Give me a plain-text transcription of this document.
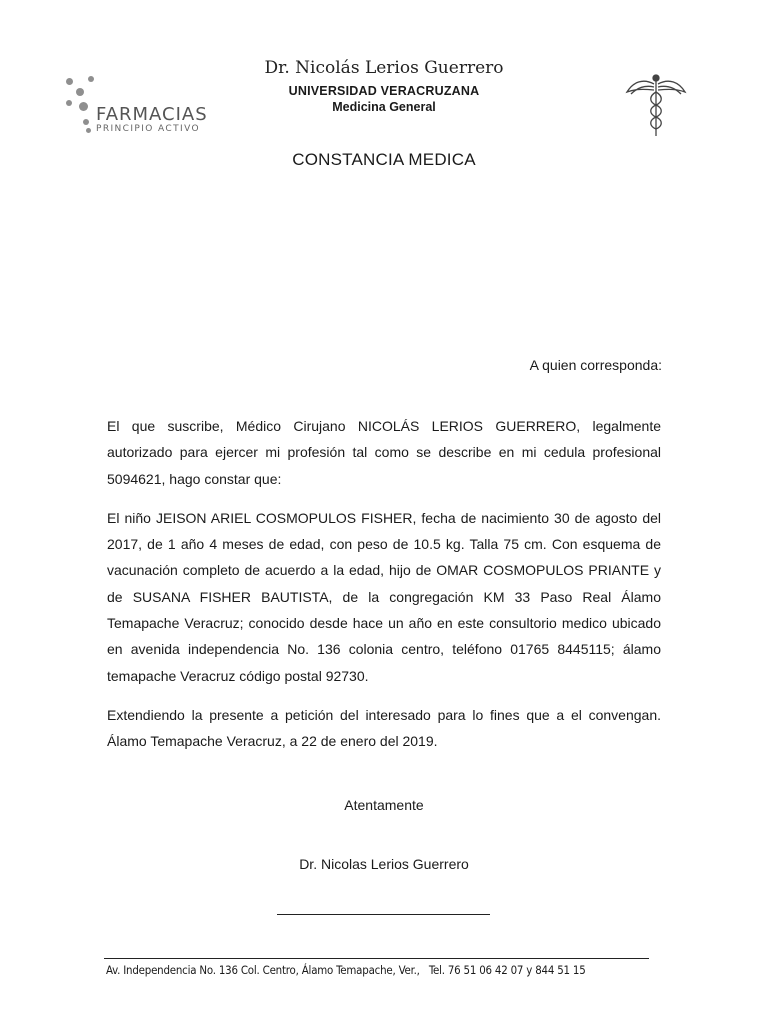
FARMACIAS
PRINCIPIO ACTIVO
Dr. Nicolás Lerios Guerrero
UNIVERSIDAD VERACRUZANA
Medicina General
CONSTANCIA MEDICA
A quien corresponda:

El que suscribe, Médico Cirujano NICOLÁS LERIOS GUERRERO, legalmente autorizado para ejercer mi profesión tal como se describe en mi cedula profesional 5094621, hago constar que:

El niño JEISON ARIEL COSMOPULOS FISHER, fecha de nacimiento 30 de agosto del 2017, de 1 año 4 meses de edad, con peso de 10.5 kg. Talla 75 cm. Con esquema de vacunación completo de acuerdo a la edad, hijo de OMAR COSMOPULOS PRIANTE y de SUSANA FISHER BAUTISTA, de la congregación KM 33 Paso Real Álamo Temapache Veracruz; conocido desde hace un año en este consultorio medico ubicado en avenida independencia No. 136 colonia centro, teléfono 01765 8445115; álamo temapache Veracruz código postal 92730.

Extendiendo la presente a petición del interesado para lo fines que a el convengan. Álamo Temapache Veracruz, a 22 de enero del 2019.

Atentamente
Dr. Nicolas Lerios Guerrero
Av. Independencia No. 136 Col. Centro, Álamo Temapache, Ver.,   Tel. 76 51 06 42 07 y 844 51 15
